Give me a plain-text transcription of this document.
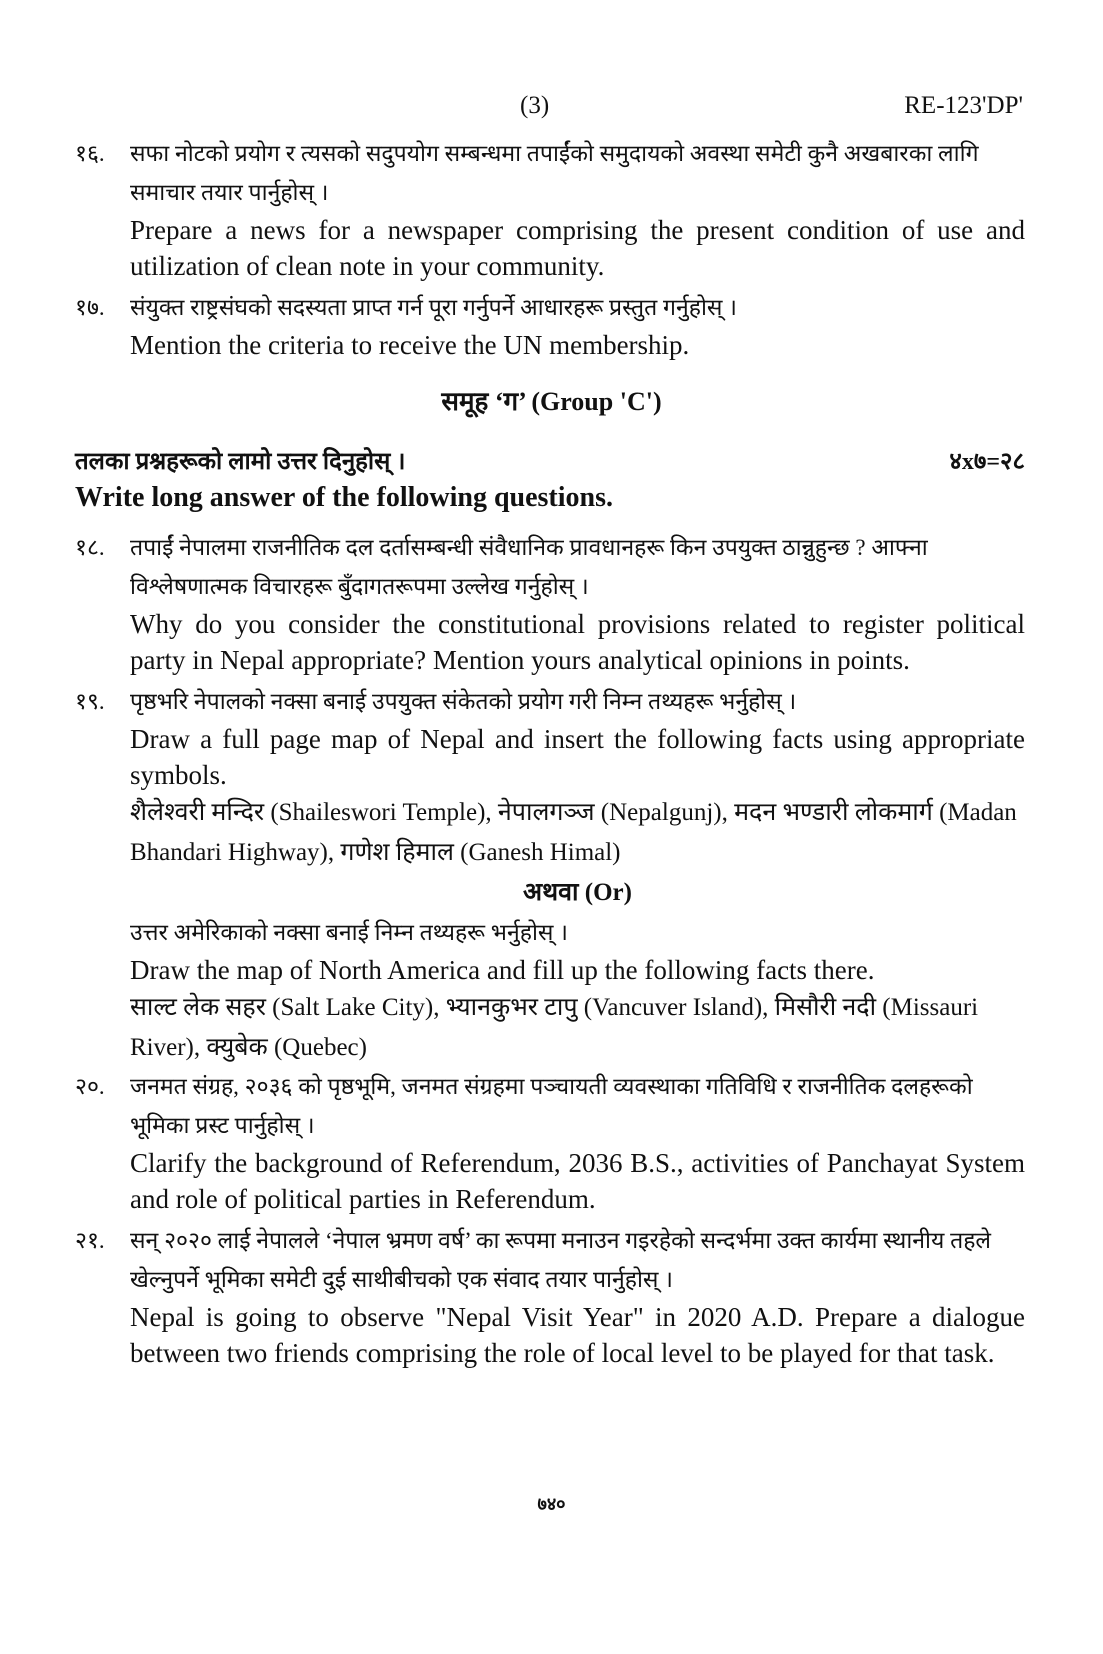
(3)	RE-123'DP'
१६.	सफा नोटको प्रयोग र त्यसको सदुपयोग सम्बन्धमा तपाईंको समुदायको अवस्था समेटी कुनै अखबारका लागि समाचार तयार पार्नुहोस् ।
Prepare a news for a newspaper comprising the present condition of use and utilization of clean note in your community.
१७.	संयुक्त राष्ट्रसंघको सदस्यता प्राप्त गर्न पूरा गर्नुपर्ने आधारहरू प्रस्तुत गर्नुहोस् ।
Mention the criteria to receive the UN membership.
समूह ‘ग’ (Group 'C')
तलका प्रश्नहरूको लामो उत्तर दिनुहोस् ।	४x७=२८
Write long answer of the following questions.
१८.	तपाईं नेपालमा राजनीतिक दल दर्तासम्बन्धी संवैधानिक प्रावधानहरू किन उपयुक्त ठान्नुहुन्छ ? आफ्ना विश्लेषणात्मक विचारहरू बुँदागतरूपमा उल्लेख गर्नुहोस् ।
Why do you consider the constitutional provisions related to register political party in Nepal appropriate? Mention yours analytical opinions in points.
१९.	पृष्ठभरि नेपालको नक्सा बनाई उपयुक्त संकेतको प्रयोग गरी निम्न तथ्यहरू भर्नुहोस् ।
Draw a full page map of Nepal and insert the following facts using appropriate symbols.
शैलेश्वरी मन्दिर (Shaileswori Temple), नेपालगञ्ज (Nepalgunj), मदन भण्डारी लोकमार्ग (Madan Bhandari Highway), गणेश हिमाल (Ganesh Himal)
अथवा (Or)
उत्तर अमेरिकाको नक्सा बनाई निम्न तथ्यहरू भर्नुहोस् ।
Draw the map of North America and fill up the following facts there.
साल्ट लेक सहर (Salt Lake City), भ्यानकुभर टापु (Vancuver Island), मिसौरी नदी (Missauri River), क्युबेक (Quebec)
२०.	जनमत संग्रह, २०३६ को पृष्ठभूमि, जनमत संग्रहमा पञ्चायती व्यवस्थाका गतिविधि र राजनीतिक दलहरूको भूमिका प्रस्ट पार्नुहोस् ।
Clarify the background of Referendum, 2036 B.S., activities of Panchayat System and role of political parties in Referendum.
२१.	सन् २०२० लाई नेपालले ‘नेपाल भ्रमण वर्ष’ का रूपमा मनाउन गइरहेको सन्दर्भमा उक्त कार्यमा स्थानीय तहले खेल्नुपर्ने भूमिका समेटी दुई साथीबीचको एक संवाद तयार पार्नुहोस् ।
Nepal is going to observe "Nepal Visit Year" in 2020 A.D. Prepare a dialogue between two friends comprising the role of local level to be played for that task.
७४०
